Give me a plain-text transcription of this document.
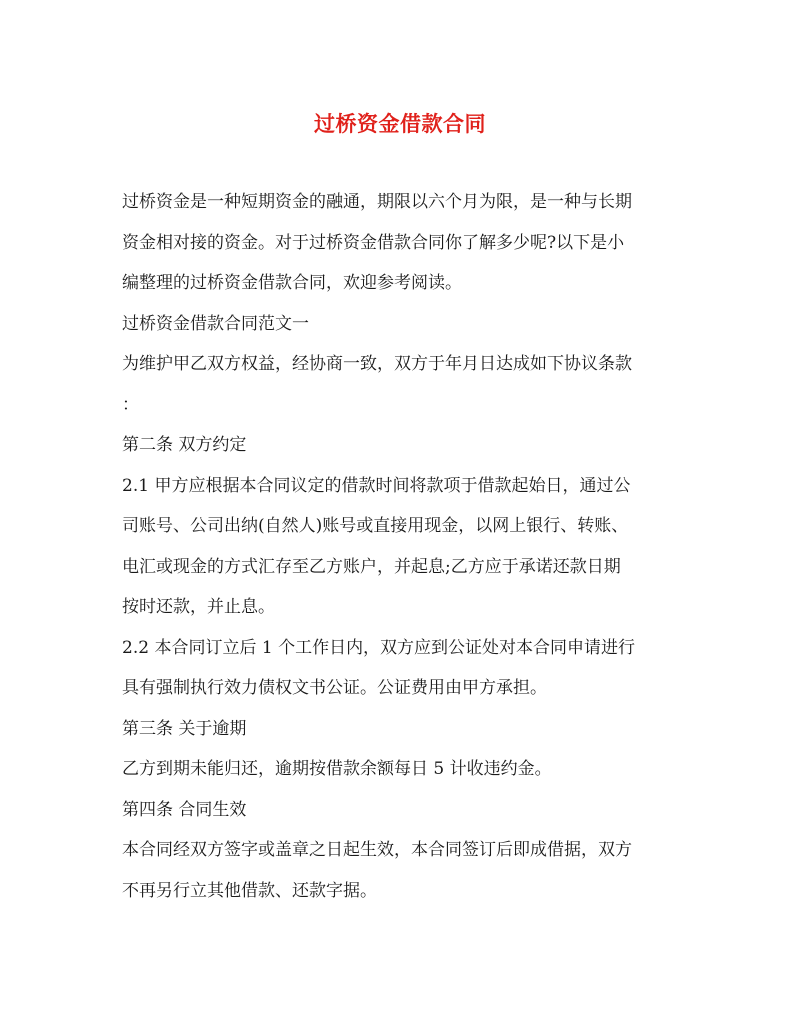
过桥资金借款合同

过桥资金是一种短期资金的融通，期限以六个月为限，是一种与长期

资金相对接的资金。对于过桥资金借款合同你了解多少呢?以下是小

编整理的过桥资金借款合同，欢迎参考阅读。

过桥资金借款合同范文一

为维护甲乙双方权益，经协商一致，双方于年月日达成如下协议条款

：

第二条 双方约定

2.1 甲方应根据本合同议定的借款时间将款项于借款起始日，通过公

司账号、公司出纳(自然人)账号或直接用现金，以网上银行、转账、

电汇或现金的方式汇存至乙方账户，并起息;乙方应于承诺还款日期

按时还款，并止息。

2.2 本合同订立后 1 个工作日内，双方应到公证处对本合同申请进行

具有强制执行效力债权文书公证。公证费用由甲方承担。

第三条 关于逾期

乙方到期未能归还，逾期按借款余额每日 5 计收违约金。

第四条 合同生效

本合同经双方签字或盖章之日起生效，本合同签订后即成借据，双方

不再另行立其他借款、还款字据。
